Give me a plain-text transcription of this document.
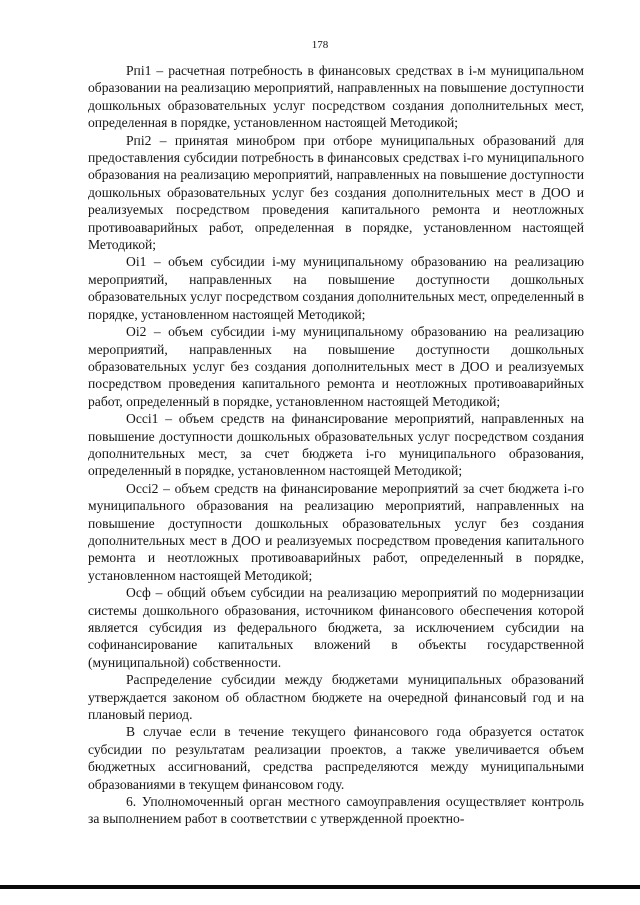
178

Рпі1 – расчетная потребность в финансовых средствах в і-м муниципальном образовании на реализацию мероприятий, направленных на повышение доступности дошкольных образовательных услуг посредством создания дополнительных мест, определенная в порядке, установленном настоящей Методикой;

Рпі2 – принятая минобром при отборе муниципальных образований для предоставления субсидии потребность в финансовых средствах і-го муниципального образования на реализацию мероприятий, направленных на повышение доступности дошкольных образовательных услуг без создания дополнительных мест в ДОО и реализуемых посредством проведения капитального ремонта и неотложных противоаварийных работ, определенная в порядке, установленном настоящей Методикой;

Оі1 – объем субсидии і-му муниципальному образованию на реализацию мероприятий, направленных на повышение доступности дошкольных образовательных услуг посредством создания дополнительных мест, определенный в порядке, установленном настоящей Методикой;

Оі2 – объем субсидии і-му муниципальному образованию на реализацию мероприятий, направленных на повышение доступности дошкольных образовательных услуг без создания дополнительных мест в ДОО и реализуемых посредством проведения капитального ремонта и неотложных противоаварийных работ, определенный в порядке, установленном настоящей Методикой;

Осcі1 – объем средств на финансирование мероприятий, направленных на повышение доступности дошкольных образовательных услуг посредством создания дополнительных мест, за счет бюджета і-го муниципального образования, определенный в порядке, установленном настоящей Методикой;

Осcі2 – объем средств на финансирование мероприятий за счет бюджета і-го муниципального образования на реализацию мероприятий, направленных на повышение доступности дошкольных образовательных услуг без создания дополнительных мест в ДОО и реализуемых посредством проведения капитального ремонта и неотложных противоаварийных работ, определенный в порядке, установленном настоящей Методикой;

Осф – общий объем субсидии на реализацию мероприятий по модернизации системы дошкольного образования, источником финансового обеспечения которой является субсидия из федерального бюджета, за исключением субсидии на софинансирование капитальных вложений в объекты государственной (муниципальной) собственности.

Распределение субсидии между бюджетами муниципальных образований утверждается законом об областном бюджете на очередной финансовый год и на плановый период.

В случае если в течение текущего финансового года образуется остаток субсидии по результатам реализации проектов, а также увеличивается объем бюджетных ассигнований, средства распределяются между муниципальными образованиями в текущем финансовом году.

6. Уполномоченный орган местного самоуправления осуществляет контроль за выполнением работ в соответствии с утвержденной проектно-
